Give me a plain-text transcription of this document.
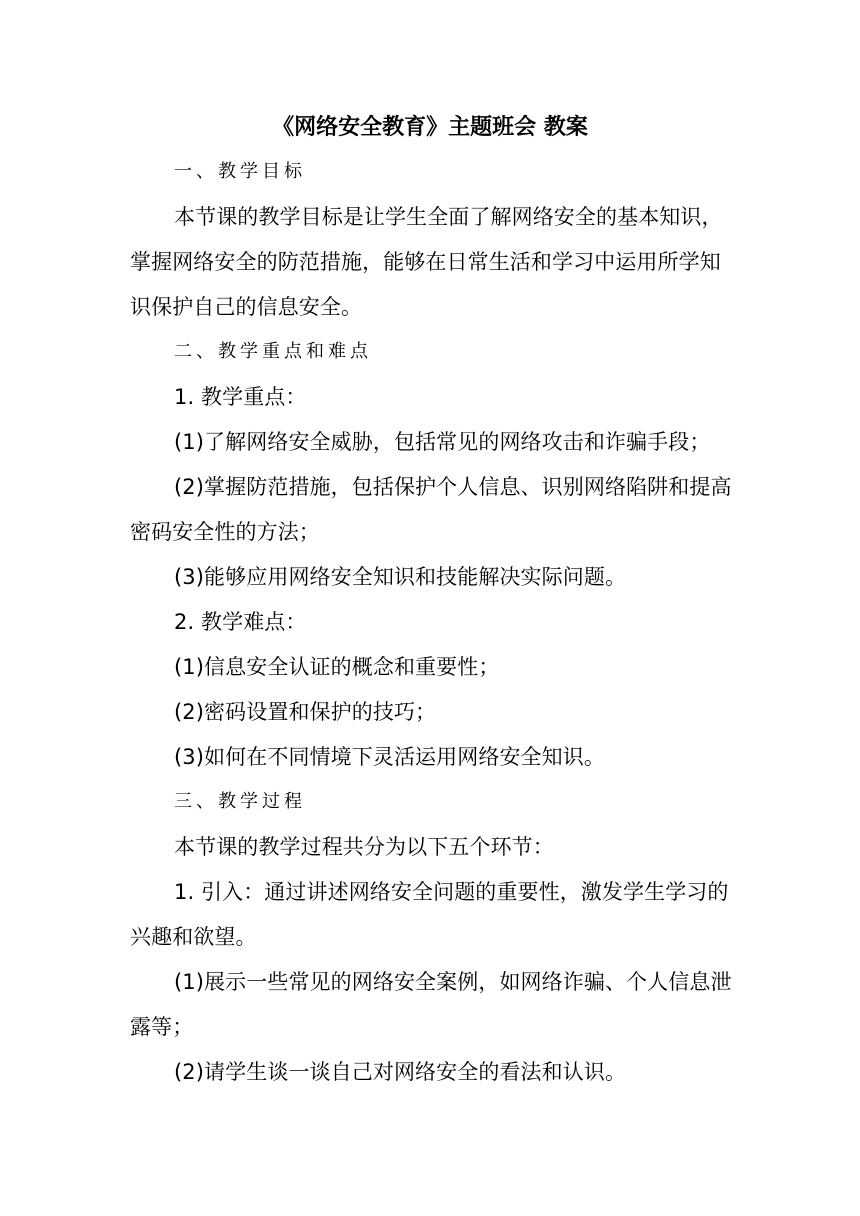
《网络安全教育》主题班会 教案
一、教学目标

本节课的教学目标是让学生全面了解网络安全的基本知识，掌握网络安全的防范措施，能够在日常生活和学习中运用所学知识保护自己的信息安全。

二、教学重点和难点

1. 教学重点：

(1)了解网络安全威胁，包括常见的网络攻击和诈骗手段；

(2)掌握防范措施，包括保护个人信息、识别网络陷阱和提高密码安全性的方法；

(3)能够应用网络安全知识和技能解决实际问题。

2. 教学难点：

(1)信息安全认证的概念和重要性；

(2)密码设置和保护的技巧；

(3)如何在不同情境下灵活运用网络安全知识。

三、教学过程

本节课的教学过程共分为以下五个环节：

1. 引入：通过讲述网络安全问题的重要性，激发学生学习的兴趣和欲望。

(1)展示一些常见的网络安全案例，如网络诈骗、个人信息泄露等；

(2)请学生谈一谈自己对网络安全的看法和认识。
